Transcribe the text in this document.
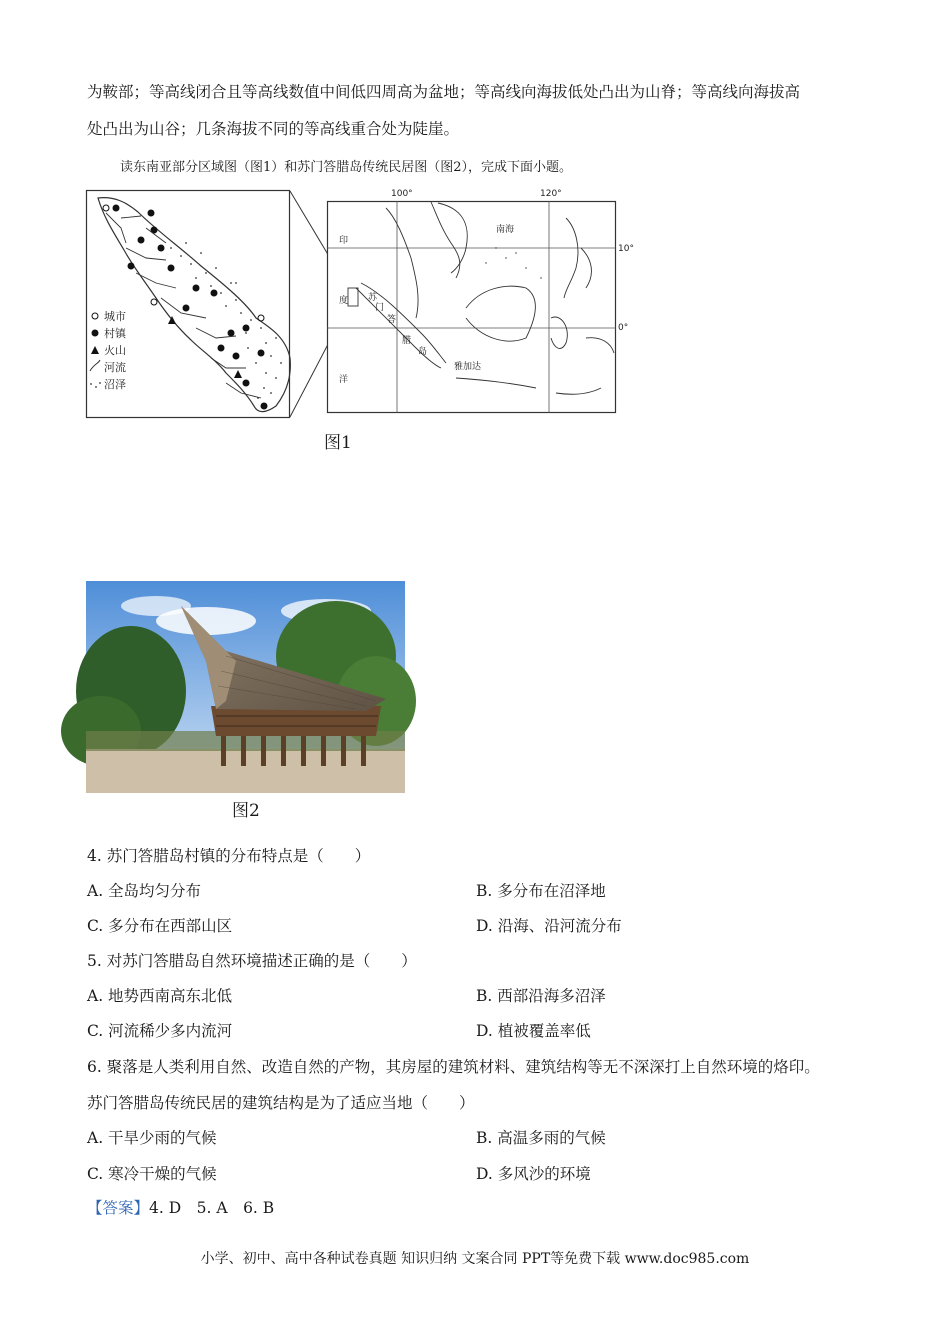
为鞍部；等高线闭合且等高线数值中间低四周高为盆地；等高线向海拔低处凸出为山脊；等高线向海拔高
处凸出为山谷；几条海拔不同的等高线重合处为陡崖。
读东南亚部分区域图（图1）和苏门答腊岛传统民居图（图2），完成下面小题。
城市
村镇
火山
河流
沼泽
100°	120°
10°
0°
南海
印
度
洋
苏
门
答
腊
岛
雅加达
图1
图2
4. 苏门答腊岛村镇的分布特点是（　　）
A. 全岛均匀分布	B. 多分布在沼泽地
C. 多分布在西部山区	D. 沿海、沿河流分布
5. 对苏门答腊岛自然环境描述正确的是（　　）
A. 地势西南高东北低	B. 西部沿海多沼泽
C. 河流稀少多内流河	D. 植被覆盖率低
6. 聚落是人类利用自然、改造自然的产物，其房屋的建筑材料、建筑结构等无不深深打上自然环境的烙印。
苏门答腊岛传统民居的建筑结构是为了适应当地（　　）
A. 干旱少雨的气候	B. 高温多雨的气候
C. 寒冷干燥的气候	D. 多风沙的环境
【答案】4. D　5. A　6. B
小学、初中、高中各种试卷真题 知识归纳 文案合同 PPT等免费下载 www.doc985.com
